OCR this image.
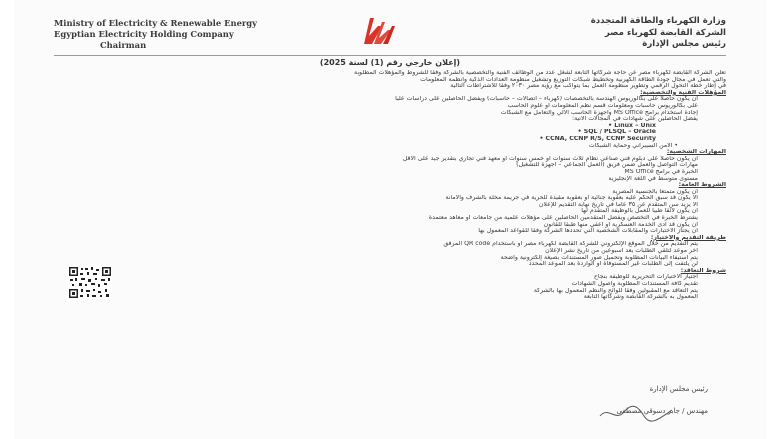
Ministry of Electricity & Renewable Energy
Egyptian Electricity Holding Company
Chairman
وزارة الكهرباء والطاقة المتجددة
الشركة القابضة لكهرباء مصر
رئيس مجلس الإدارة
(إعلان خارجي رقم (1) لسنة 2025)
تعلن الشركة القابضة لكهرباء مصر عن حاجة شركاتها التابعة لشغل عدد من الوظائف الفنية والتخصصية بالشركة وفقا للشروط والمؤهلات المطلوبة
والتي تعمل في مجال جودة الطاقة الكهربية وتخطيط شبكات التوزيع وتشغيل منظومة العدادات الذكية وأنظمة المعلومات
في إطار خطة التحول الرقمي وتطوير منظومة العمل بما يتواكب مع رؤية مصر ٢٠٣٠ وفقا للاشتراطات التالية
المؤهلات الفنية والتخصصية:
أن يكون حاصلا على بكالوريوس الهندسة بالتخصصات (كهرباء – اتصالات – حاسبات) ويفضل الحاصلين على دراسات عليا
على بكالوريوس حاسبات ومعلومات قسم نظم المعلومات أو علوم الحاسب
إجادة استخدام برامج MS Office وأجهزة الحاسب الآلي والتعامل مع الشبكات
يفضل الحاصلين على شهادات في المجالات الآتية:
• Linux – Unix
• SQL / PLSQL – Oracle
• CCNA, CCNP R/S, CCNP Security
• الأمن السيبراني وحماية الشبكات
المهارات الشخصية:
أن يكون حاصلا على دبلوم فني صناعي نظام ثلاث سنوات أو خمس سنوات أو معهد فني تجاري بتقدير جيد على الأقل
مهارات التواصل والعمل ضمن فريق (العمل الجماعي – أجهزة للتشغيل)
الخبرة في برامج MS Office
مستوى متوسط في اللغة الإنجليزية
الشروط العامة:
أن يكون متمتعا بالجنسية المصرية
ألا يكون قد سبق الحكم عليه بعقوبة جنائية أو بعقوبة مقيدة للحرية في جريمة مخلة بالشرف والأمانة
ألا يزيد سن المتقدم عن ٣٥ عاما في تاريخ نهاية التقديم للإعلان
أن يكون لائقا طبيا للعمل بالوظيفة المتقدم لها
يشترط الخبرة في التخصص ويفضل المتقدمين الحاصلين على مؤهلات علمية من جامعات أو معاهد معتمدة
أن يكون قد أدى الخدمة العسكرية أو أعفي منها طبقا للقانون
أن يجتاز الاختبارات والمقابلات الشخصية التي تحددها الشركة وفقا للقواعد المعمول بها
طريقة التقديم والاختيار:
يتم التقديم من خلال الموقع الإلكتروني للشركة القابضة لكهرباء مصر أو باستخدام QR code المرفق
آخر موعد لتلقي الطلبات بعد أسبوعين من تاريخ نشر الإعلان
يتم استيفاء البيانات المطلوبة وتحميل صور المستندات بصيغة إلكترونية واضحة
لن يلتفت إلى الطلبات غير المستوفاة أو الواردة بعد الموعد المحدد
شروط التعاقد:
اجتياز الاختبارات التحريرية للوظيفة بنجاح
تقديم كافة المستندات المطلوبة وأصول الشهادات
يتم التعاقد مع المقبولين وفقا للوائح والنظم المعمول بها بالشركة
المعمول به بالشركة القابضة وشركاتها التابعة
رئيس مجلس الإدارة
مهندس / جابر دسوقي مصطفى
